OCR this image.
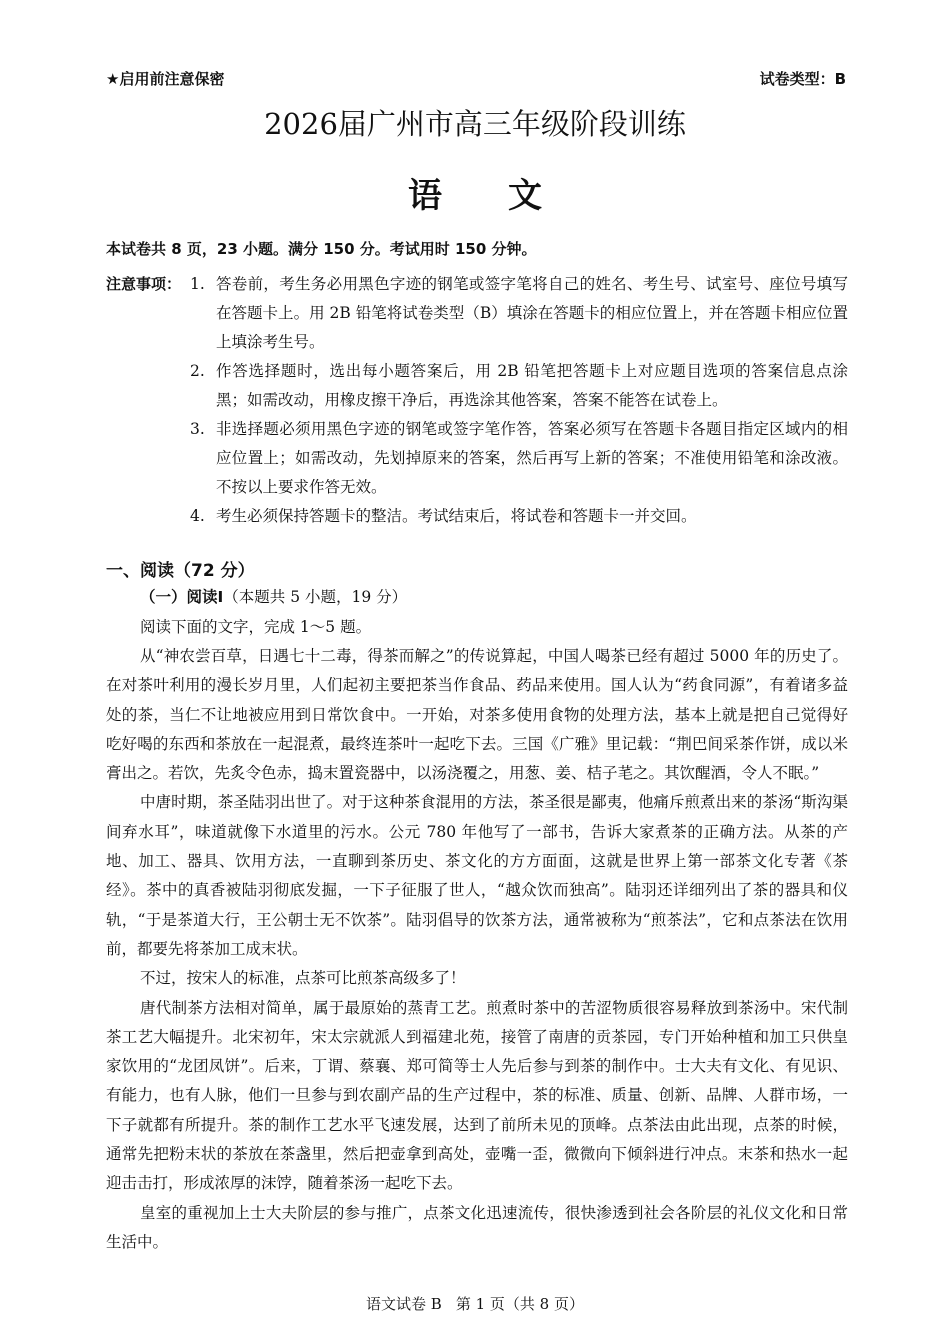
★启用前注意保密	试卷类型：B
2026届广州市高三年级阶段训练
语文
本试卷共 8 页，23 小题。满分 150 分。考试用时 150 分钟。
注意事项： 1. 答卷前，考生务必用黑色字迹的钢笔或签字笔将自己的姓名、考生号、试室号、座位号填写在答题卡上。用 2B 铅笔将试卷类型（B）填涂在答题卡的相应位置上，并在答题卡相应位置上填涂考生号。
2. 作答选择题时，选出每小题答案后，用 2B 铅笔把答题卡上对应题目选项的答案信息点涂黑；如需改动，用橡皮擦干净后，再选涂其他答案，答案不能答在试卷上。
3. 非选择题必须用黑色字迹的钢笔或签字笔作答，答案必须写在答题卡各题目指定区域内的相应位置上；如需改动，先划掉原来的答案，然后再写上新的答案；不准使用铅笔和涂改液。不按以上要求作答无效。
4. 考生必须保持答题卡的整洁。考试结束后，将试卷和答题卡一并交回。
一、阅读（72 分）
（一）阅读Ⅰ（本题共 5 小题，19 分）
阅读下面的文字，完成 1～5 题。

从“神农尝百草，日遇七十二毒，得茶而解之”的传说算起，中国人喝茶已经有超过 5000 年的历史了。在对茶叶利用的漫长岁月里，人们起初主要把茶当作食品、药品来使用。国人认为“药食同源”，有着诸多益处的茶，当仁不让地被应用到日常饮食中。一开始，对茶多使用食物的处理方法，基本上就是把自己觉得好吃好喝的东西和茶放在一起混煮，最终连茶叶一起吃下去。三国《广雅》里记载：“荆巴间采茶作饼，成以米膏出之。若饮，先炙令色赤，捣末置瓷器中，以汤浇覆之，用葱、姜、桔子芼之。其饮醒酒，令人不眠。”

中唐时期，茶圣陆羽出世了。对于这种茶食混用的方法，茶圣很是鄙夷，他痛斥煎煮出来的茶汤“斯沟渠间弃水耳”，味道就像下水道里的污水。公元 780 年他写了一部书，告诉大家煮茶的正确方法。从茶的产地、加工、器具、饮用方法，一直聊到茶历史、茶文化的方方面面，这就是世界上第一部茶文化专著《茶经》。茶中的真香被陆羽彻底发掘，一下子征服了世人，“越众饮而独高”。陆羽还详细列出了茶的器具和仪轨，“于是茶道大行，王公朝士无不饮茶”。陆羽倡导的饮茶方法，通常被称为“煎茶法”，它和点茶法在饮用前，都要先将茶加工成末状。

不过，按宋人的标准，点茶可比煎茶高级多了！

唐代制茶方法相对简单，属于最原始的蒸青工艺。煎煮时茶中的苦涩物质很容易释放到茶汤中。宋代制茶工艺大幅提升。北宋初年，宋太宗就派人到福建北苑，接管了南唐的贡茶园，专门开始种植和加工只供皇家饮用的“龙团凤饼”。后来，丁谓、蔡襄、郑可简等士人先后参与到茶的制作中。士大夫有文化、有见识、有能力，也有人脉，他们一旦参与到农副产品的生产过程中，茶的标准、质量、创新、品牌、人群市场，一下子就都有所提升。茶的制作工艺水平飞速发展，达到了前所未见的顶峰。点茶法由此出现，点茶的时候，通常先把粉末状的茶放在茶盏里，然后把壶拿到高处，壶嘴一歪，微微向下倾斜进行冲点。末茶和热水一起迎击击打，形成浓厚的沫饽，随着茶汤一起吃下去。

皇室的重视加上士大夫阶层的参与推广，点茶文化迅速流传，很快渗透到社会各阶层的礼仪文化和日常生活中。

语文试卷 B 第 1 页（共 8 页）
